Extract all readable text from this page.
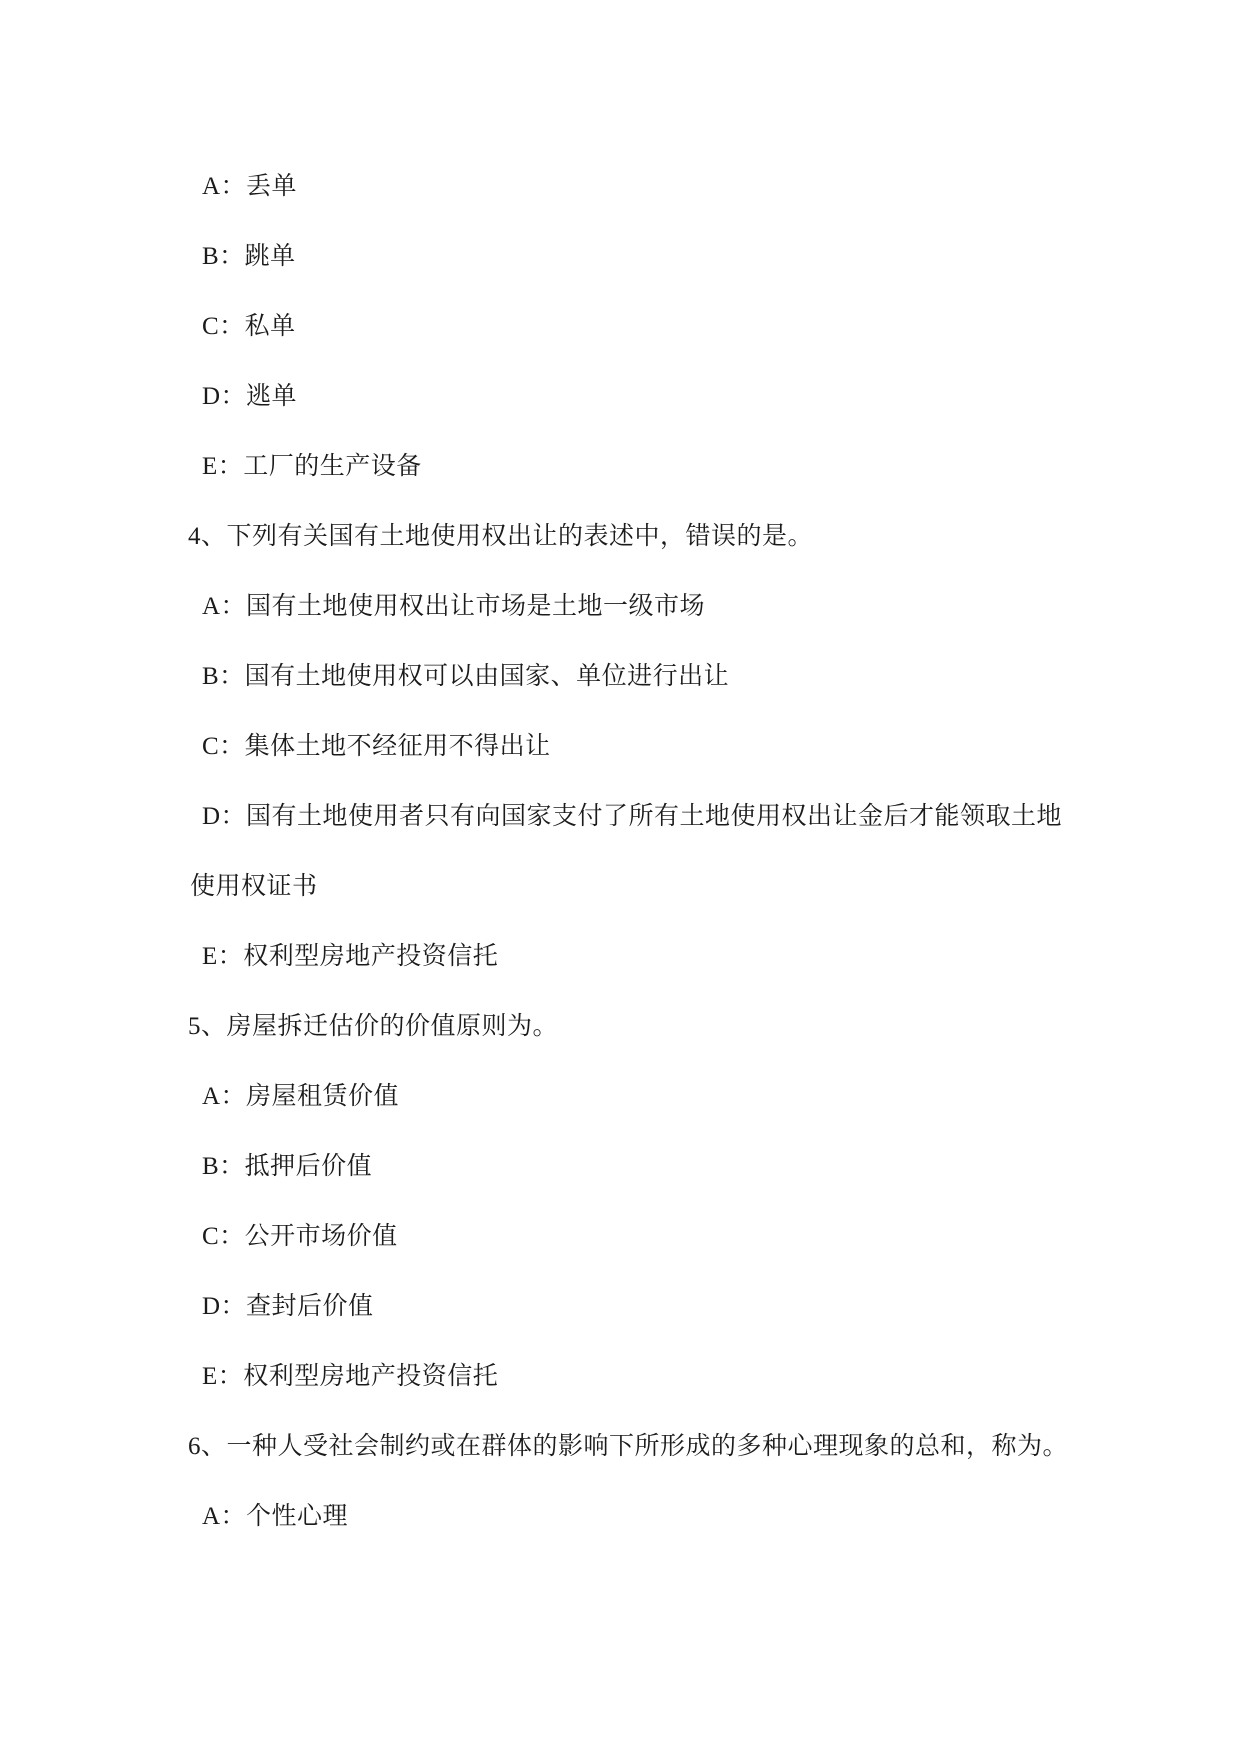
A：丢单
B：跳单
C：私单
D：逃单
E：工厂的生产设备
4、下列有关国有土地使用权出让的表述中，错误的是。
A：国有土地使用权出让市场是土地一级市场
B：国有土地使用权可以由国家、单位进行出让
C：集体土地不经征用不得出让
D：国有土地使用者只有向国家支付了所有土地使用权出让金后才能领取土地
使用权证书
E：权利型房地产投资信托
5、房屋拆迁估价的价值原则为。
A：房屋租赁价值
B：抵押后价值
C：公开市场价值
D：查封后价值
E：权利型房地产投资信托
6、一种人受社会制约或在群体的影响下所形成的多种心理现象的总和，称为。
A：个性心理
